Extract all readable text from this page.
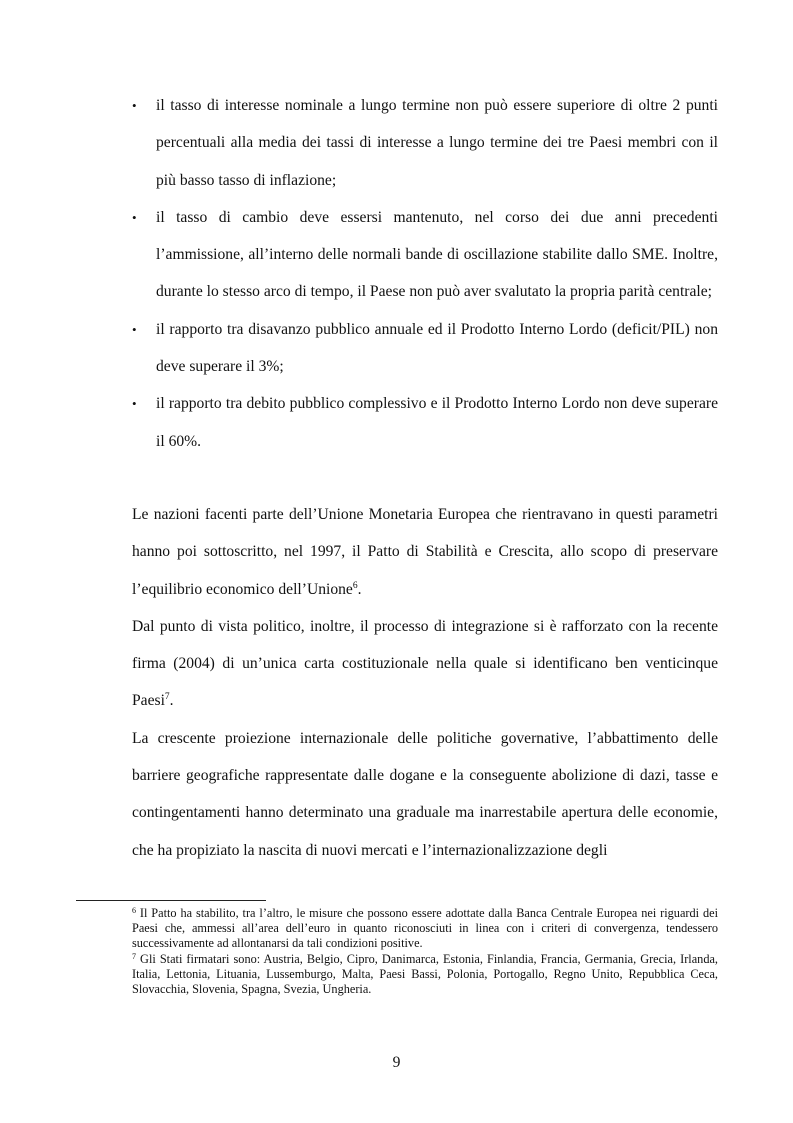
• il tasso di interesse nominale a lungo termine non può essere superiore di oltre 2 punti percentuali alla media dei tassi di interesse a lungo termine dei tre Paesi membri con il più basso tasso di inflazione;
• il tasso di cambio deve essersi mantenuto, nel corso dei due anni precedenti l’ammissione, all’interno delle normali bande di oscillazione stabilite dallo SME. Inoltre, durante lo stesso arco di tempo, il Paese non può aver svalutato la propria parità centrale;
• il rapporto tra disavanzo pubblico annuale ed il Prodotto Interno Lordo (deficit/PIL) non deve superare il 3%;
• il rapporto tra debito pubblico complessivo e il Prodotto Interno Lordo non deve superare il 60%.

Le nazioni facenti parte dell’Unione Monetaria Europea che rientravano in questi parametri hanno poi sottoscritto, nel 1997, il Patto di Stabilità e Crescita, allo scopo di preservare l’equilibrio economico dell’Unione$^6$.

Dal punto di vista politico, inoltre, il processo di integrazione si è rafforzato con la recente firma (2004) di un’unica carta costituzionale nella quale si identificano ben venticinque Paesi$^7$.

La crescente proiezione internazionale delle politiche governative, l’abbattimento delle barriere geografiche rappresentate dalle dogane e la conseguente abolizione di dazi, tasse e contingentamenti hanno determinato una graduale ma inarrestabile apertura delle economie, che ha propiziato la nascita di nuovi mercati e l’internazionalizzazione degli

$^6$ Il Patto ha stabilito, tra l’altro, le misure che possono essere adottate dalla Banca Centrale Europea nei riguardi dei Paesi che, ammessi all’area dell’euro in quanto riconosciuti in linea con i criteri di convergenza, tendessero successivamente ad allontanarsi da tali condizioni positive.

$^7$ Gli Stati firmatari sono: Austria, Belgio, Cipro, Danimarca, Estonia, Finlandia, Francia, Germania, Grecia, Irlanda, Italia, Lettonia, Lituania, Lussemburgo, Malta, Paesi Bassi, Polonia, Portogallo, Regno Unito, Repubblica Ceca, Slovacchia, Slovenia, Spagna, Svezia, Ungheria.

9
